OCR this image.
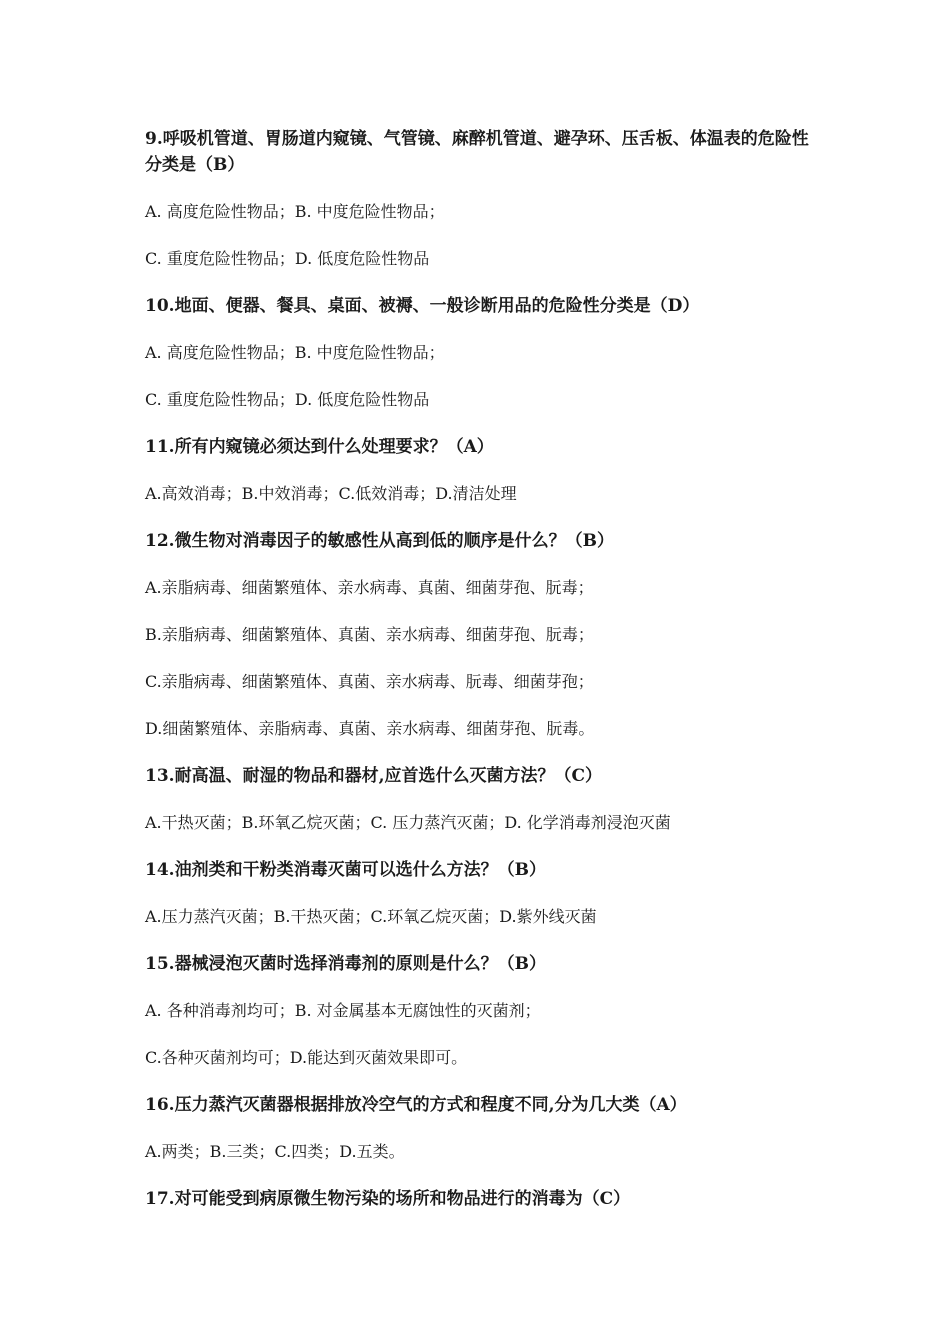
9.呼吸机管道、胃肠道内窥镜、气管镜、麻醉机管道、避孕环、压舌板、体温表的危险性分类是（B）

A. 高度危险性物品；B. 中度危险性物品；

C. 重度危险性物品；D. 低度危险性物品

10.地面、便器、餐具、桌面、被褥、一般诊断用品的危险性分类是（D）

A. 高度危险性物品；B. 中度危险性物品；

C. 重度危险性物品；D. 低度危险性物品

11.所有内窥镜必须达到什么处理要求？（A）

A.高效消毒；B.中效消毒；C.低效消毒；D.清洁处理

12.微生物对消毒因子的敏感性从高到低的顺序是什么？（B）

A.亲脂病毒、细菌繁殖体、亲水病毒、真菌、细菌芽孢、朊毒；

B.亲脂病毒、细菌繁殖体、真菌、亲水病毒、细菌芽孢、朊毒；

C.亲脂病毒、细菌繁殖体、真菌、亲水病毒、朊毒、细菌芽孢；

D.细菌繁殖体、亲脂病毒、真菌、亲水病毒、细菌芽孢、朊毒。

13.耐高温、耐湿的物品和器材,应首选什么灭菌方法？（C）

A.干热灭菌；B.环氧乙烷灭菌；C. 压力蒸汽灭菌；D. 化学消毒剂浸泡灭菌

14.油剂类和干粉类消毒灭菌可以选什么方法？（B）

A.压力蒸汽灭菌；B.干热灭菌；C.环氧乙烷灭菌；D.紫外线灭菌

15.器械浸泡灭菌时选择消毒剂的原则是什么？（B）

A. 各种消毒剂均可；B. 对金属基本无腐蚀性的灭菌剂；

C.各种灭菌剂均可；D.能达到灭菌效果即可。

16.压力蒸汽灭菌器根据排放冷空气的方式和程度不同,分为几大类（A）

A.两类；B.三类；C.四类；D.五类。

17.对可能受到病原微生物污染的场所和物品进行的消毒为（C）
